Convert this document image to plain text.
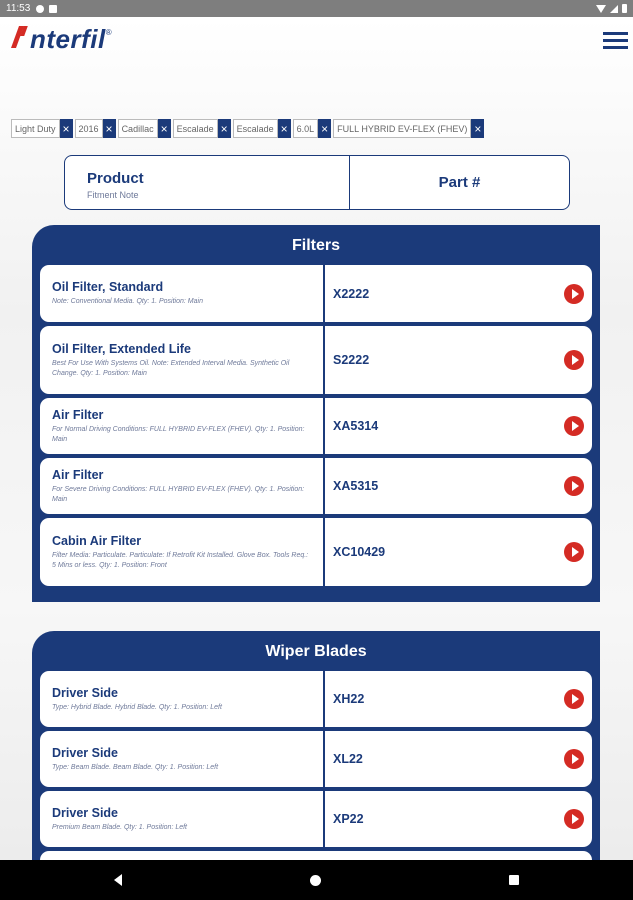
11:53
nterfil ®
Light Duty ×	2016 ×	Cadillac ×	Escalade ×	Escalade ×	6.0L ×	FULL HYBRID EV-FLEX (FHEV) ×
Product
Fitment Note
Part #
Filters
Oil Filter, Standard
Note: Conventional Media. Qty: 1. Position: Main
X2222
Oil Filter, Extended Life
Best For Use With Systems Oil. Note: Extended Interval Media. Synthetic Oil Change. Qty: 1. Position: Main
S2222
Air Filter
For Normal Driving Conditions: FULL HYBRID EV-FLEX (FHEV). Qty: 1. Position: Main
XA5314
Air Filter
For Severe Driving Conditions: FULL HYBRID EV-FLEX (FHEV). Qty: 1. Position: Main
XA5315
Cabin Air Filter
Filter Media: Particulate. Particulate: If Retrofit Kit Installed. Glove Box. Tools Req.: 5 Mins or less. Qty: 1. Position: Front
XC10429
Wiper Blades
Driver Side
Type: Hybrid Blade. Hybrid Blade. Qty: 1. Position: Left
XH22
Driver Side
Type: Beam Blade. Beam Blade. Qty: 1. Position: Left
XL22
Driver Side
Premium Beam Blade. Qty: 1. Position: Left
XP22
